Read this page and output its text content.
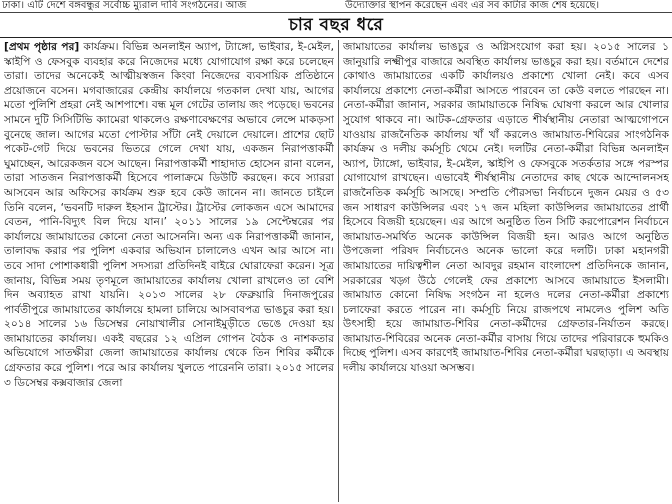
ঢাকা। এটি দেশে বঙ্গবন্ধুর সর্বোচ্চ ম্যুরাল দাবি সংগঠনের। আজ	উদ্যোক্তার স্থাপন করেছেন এবং এর সব কাটার কাজ শেষ হয়েছে।
চার বছর ধরে

[প্রথম পৃষ্ঠার পর] কার্যক্রম। বিভিন্ন অনলাইন অ্যাপ, ট্যাঙ্গো, ভাইবার, ই-মেইল, স্কাইপি ও ফেসবুক ব্যবহার করে নিজেদের মধ্যে যোগাযোগ রক্ষা করে চলেছেন তারা। তাদের অনেকেই আত্মীয়স্বজন কিংবা নিজেদের ব্যবসায়িক প্রতিষ্ঠানে প্রয়োজনে বসেন। মগবাজারের কেন্দ্রীয় কার্যালয়ে গতকাল দেখা যায়, আগের মতো পুলিশি প্রহরা নেই আশপাশে। বন্ধ মূল গেটের তালায় জং পড়েছে। ভবনের সামনে দুটি সিসিটিভি ক্যামেরা থাকলেও রক্ষণাবেক্ষণের অভাবে লেন্সে মাকড়সা বুনেছে জাল। আগের মতো পোস্টার সাঁটা নেই দেয়ালে দেয়ালে। প্রাশের ছোট পকেট-গেট দিয়ে ভবনের ভিতরে গেলে দেখা যায়, একজন নিরাপত্তাকর্মী ঘুমাচ্ছেন, আরেকজন বসে আছেন। নিরাপত্তাকর্মী শাহাদাত হোসেন রানা বলেন, তারা সাতজন নিরাপত্তাকর্মী হিসেবে পালাক্রমে ডিউটি করছেন। কবে স্যাররা আসবেন আর অফিসের কার্যক্রম শুরু হবে কেউ জানেন না। জানতে চাইলে তিনি বলেন, ‘ভবনটি দারুল ইহসান ট্রাস্টের। ট্রাস্টের লোকজন এসে আমাদের বেতন, পানি-বিদ্যুৎ বিল দিয়ে যান।’ ২০১১ সালের ১৯ সেপ্টেম্বরের পর কার্যালয়ে জামায়াতের কোনো নেতা আসেননি। অন্য এক নিরাপত্তাকর্মী জানান, তালাবদ্ধ করার পর পুলিশ একবার অভিযান চালালেও এখন আর আসে না। তবে সাদা পোশাকধারী পুলিশ সদস্যরা প্রতিদিনই বাইরে ঘোরাফেরা করেন। সূত্র জানায়, বিভিন্ন সময় তৃণমূলে জামায়াতের কার্যালয় খোলা রাখলেও তা বেশি দিন অব্যাহত রাখা যায়নি। ২০১৩ সালের ২৮ ফেব্রুয়ারি দিনাজপুরের পার্বতীপুরে জামায়াতের কার্যালয়ে হামলা চালিয়ে আসবাবপত্র ভাঙচুর করা হয়। ২০১৪ সালের ১৬ ডিসেম্বর নোয়াখালীর সোনাইমুড়ীতে ভেঙে দেওয়া হয় জামায়াতের কার্যালয়। একই বছরের ১২ এপ্রিল গোপন বৈঠক ও নাশকতার অভিযোগে সাতক্ষীরা জেলা জামায়াতের কার্যালয় থেকে তিন শিবির কর্মীকে গ্রেফতার করে পুলিশ। পরে আর কার্যালয় খুলতে পারেননি তারা। ২০১৫ সালের ৩ ডিসেম্বর কক্সবাজার জেলা

জামায়াতের কার্যালয় ভাঙচুর ও অগ্নিসংযোগ করা হয়। ২০১৫ সালের ১ জানুয়ারি লক্ষ্মীপুর বাজারে অবস্থিত কার্যালয় ভাঙচুর করা হয়। বর্তমানে দেশের কোথাও জামায়াতের একটি কার্যালয়ও প্রকাশ্যে খোলা নেই। কবে এসব কার্যালয়ে প্রকাশ্যে নেতা-কর্মীরা আসতে পারবেন তা কেউ বলতে পারছেন না। নেতা-কর্মীরা জানান, সরকার জামায়াতকে নিষিদ্ধ ঘোষণা করলে আর খোলার সুযোগ থাকবে না। আটক-গ্রেফতার এড়াতে শীর্ষস্থানীয় নেতারা আত্মগোপনে যাওয়ায় রাজনৈতিক কার্যালয় খাঁ খাঁ করলেও জামায়াত-শিবিরের সাংগঠনিক কার্যক্রম ও দলীয় কর্মসূচি থেমে নেই। দলটির নেতা-কর্মীরা বিভিন্ন অনলাইন অ্যাপ, ট্যাঙ্গো, ভাইবার, ই-মেইল, স্কাইপি ও ফেসবুকে সতর্কতার সঙ্গে পরস্পর যোগাযোগ রাখছেন। এভাবেই শীর্ষস্থানীয় নেতাদের কাছ থেকে আন্দোলনসহ রাজনৈতিক কর্মসূচি আসছে। সম্প্রতি পৌরসভা নির্বাচনে দুজন মেয়র ও ৫৩ জন সাধারণ কাউন্সিলর এবং ১৭ জন মহিলা কাউন্সিলর জামায়াতের প্রার্থী হিসেবে বিজয়ী হয়েছেন। এর আগে অনুষ্ঠিত তিন সিটি করপোরেশন নির্বাচনে জামায়াত-সমর্থিত অনেক কাউন্সিল বিজয়ী হন। আরও আগে অনুষ্ঠিত উপজেলা পরিষদ নির্বাচনেও অনেক ভালো করে দলটি। ঢাকা মহানগরী জামায়াতের দায়িত্বশীল নেতা আবদুর রহমান বাংলাদেশ প্রতিদিনকে জানান, সরকারের খড়্গ উঠে গেলেই ফের প্রকাশ্যে আসবে জামায়াতে ইসলামী। জামায়াত কোনো নিষিদ্ধ সংগঠন না হলেও দলের নেতা-কর্মীরা প্রকাশ্যে চলাফেরা করতে পারেন না। কর্মসূচি নিয়ে রাজপথে নামলেও পুলিশ অতি উৎসাহী হয়ে জামায়াত-শিবির নেতা-কর্মীদের গ্রেফতার-নির্যাতন করছে। জামায়াত-শিবিরের অনেক নেতা-কর্মীর বাসায় গিয়ে তাদের পরিবারকে হুমকিও দিচ্ছে পুলিশ। এসব কারণেই জামায়াত-শিবির নেতা-কর্মীরা ঘরছাড়া। এ অবস্থায় দলীয় কার্যালয়ে যাওয়া অসম্ভব।
